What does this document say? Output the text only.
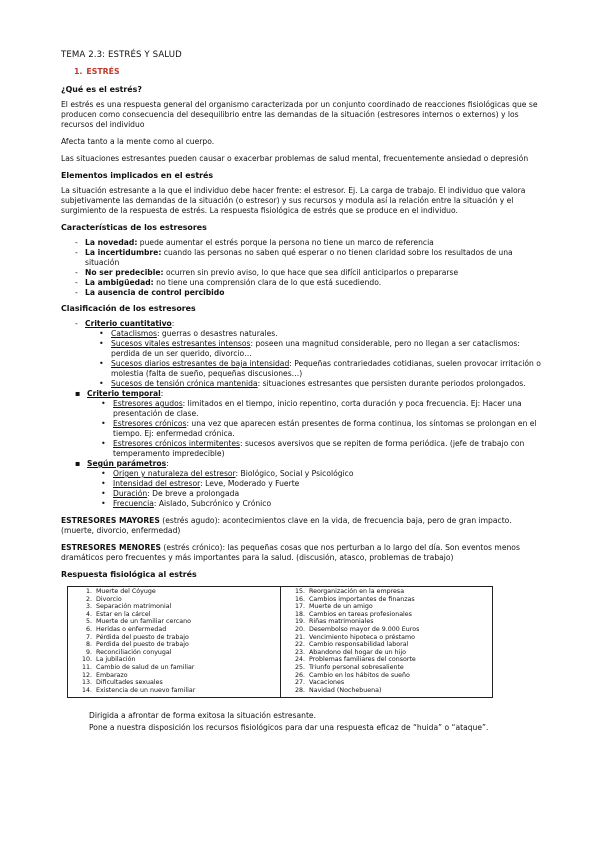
TEMA 2.3: ESTRÉS Y SALUD
1. ESTRÉS
¿Qué es el estrés?

El estrés es una respuesta general del organismo caracterizada por un conjunto coordinado de reacciones fisiológicas que se producen como consecuencia del desequilibrio entre las demandas de la situación (estresores internos o externos) y los recursos del individuo

Afecta tanto a la mente como al cuerpo.

Las situaciones estresantes pueden causar o exacerbar problemas de salud mental, frecuentemente ansiedad o depresión

Elementos implicados en el estrés

La situación estresante a la que el individuo debe hacer frente: el estresor. Ej. La carga de trabajo. El individuo que valora subjetivamente las demandas de la situación (o estresor) y sus recursos y modula así la relación entre la situación y el surgimiento de la respuesta de estrés. La respuesta fisiológica de estrés que se produce en el individuo.

Características de los estresores
- La novedad: puede aumentar el estrés porque la persona no tiene un marco de referencia
- La incertidumbre: cuando las personas no saben qué esperar o no tienen claridad sobre los resultados de una situación
- No ser predecible: ocurren sin previo aviso, lo que hace que sea difícil anticiparlos o prepararse
- La ambigüedad: no tiene una comprensión clara de lo que está sucediendo.
- La ausencia de control percibido
Clasificación de los estresores
- Criterio cuantitativo:
• Cataclismos: guerras o desastres naturales.
• Sucesos vitales estresantes intensos: poseen una magnitud considerable, pero no llegan a ser cataclismos: perdida de un ser querido, divorcio…
• Sucesos diarios estresantes de baja intensidad: Pequeñas contrariedades cotidianas, suelen provocar irritación o molestia (falta de sueño, pequeñas discusiones…)
• Sucesos de tensión crónica mantenida: situaciones estresantes que persisten durante periodos prolongados.
▪ Criterio temporal:
• Estresores agudos: limitados en el tiempo, inicio repentino, corta duración y poca frecuencia. Ej: Hacer una presentación de clase.
• Estresores crónicos: una vez que aparecen están presentes de forma continua, los síntomas se prolongan en el tiempo. Ej: enfermedad crónica.
• Estresores crónicos intermitentes: sucesos aversivos que se repiten de forma periódica. (jefe de trabajo con temperamento impredecible)
▪ Según parámetros:
• Origen y naturaleza del estresor: Biológico, Social y Psicológico
• Intensidad del estresor: Leve, Moderado y Fuerte
• Duración: De breve a prolongada
• Frecuencia: Aislado, Subcrónico y Crónico

ESTRESORES MAYORES (estrés agudo): acontecimientos clave en la vida, de frecuencia baja, pero de gran impacto. (muerte, divorcio, enfermedad)

ESTRESORES MENORES (estrés crónico): las pequeñas cosas que nos perturban a lo largo del día. Son eventos menos dramáticos pero frecuentes y más importantes para la salud. (discusión, atasco, problemas de trabajo)

Respuesta fisiológica al estrés
1. Muerte del Cóyuge
2. Divorcio
3. Separación matrimonial
4. Estar en la cárcel
5. Muerte de un familiar cercano
6. Heridas o enfermedad
7. Pérdida del puesto de trabajo
8. Perdida del puesto de trabajo
9. Reconciliación conyugal
10. La jubilación
11. Cambio de salud de un familiar
12. Embarazo
13. Dificultades sexuales
14. Existencia de un nuevo familiar
15. Reorganización en la empresa
16. Cambios importantes de finanzas
17. Muerte de un amigo
18. Cambios en tareas profesionales
19. Riñas matrimoniales
20. Desembolso mayor de 9.000 Euros
21. Vencimiento hipoteca o préstamo
22. Cambio responsabilidad laboral
23. Abandono del hogar de un hijo
24. Problemas familiares del consorte
25. Triunfo personal sobresaliente
26. Cambio en los hábitos de sueño
27. Vacaciones
28. Navidad (Nochebuena)

Dirigida a afrontar de forma exitosa la situación estresante.

Pone a nuestra disposición los recursos fisiológicos para dar una respuesta eficaz de “huida” o “ataque”.
